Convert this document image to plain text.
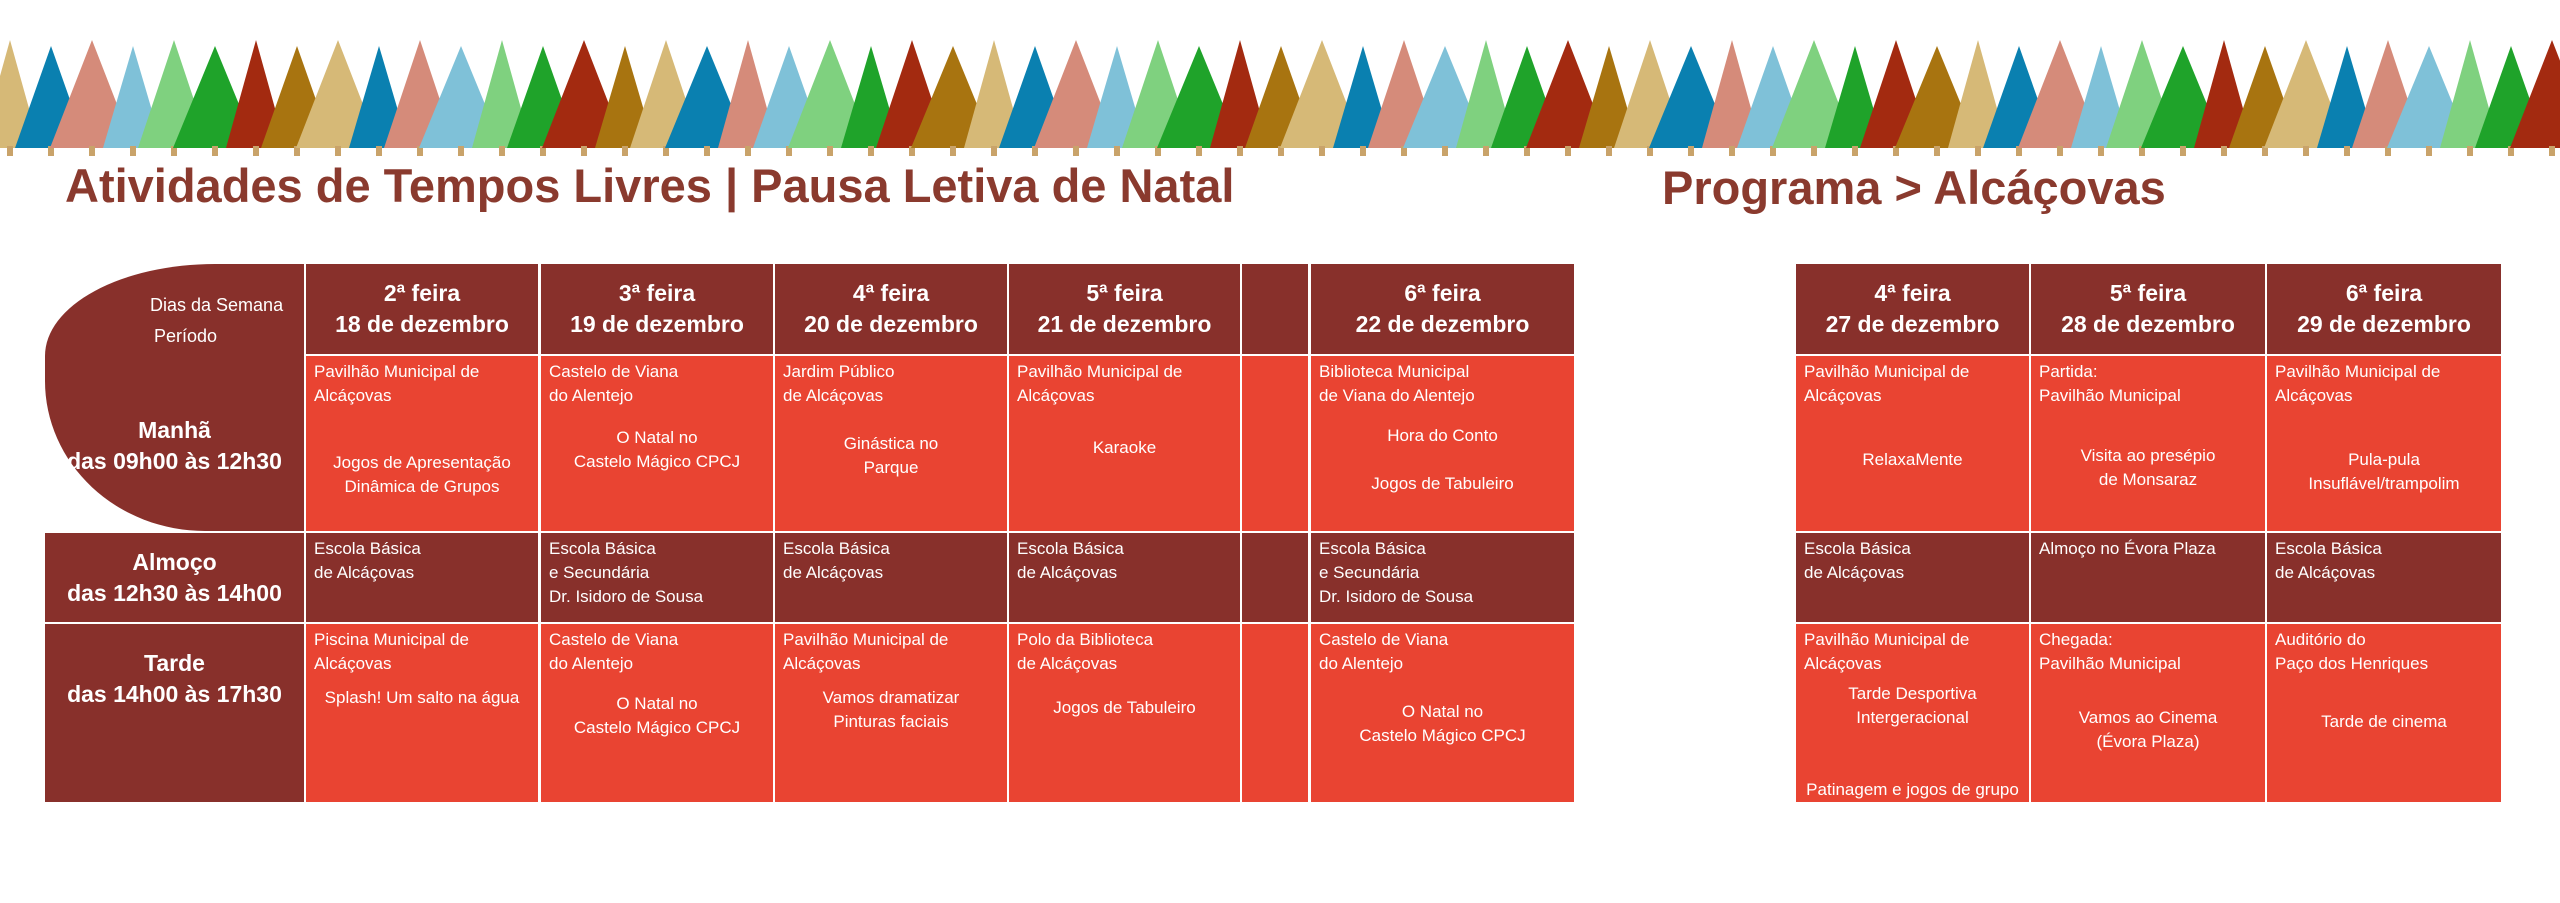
Atividades de Tempos Livres | Pausa Letiva de Natal	Programa > Alcáçovas
Dias da Semana
Período
Manhã
das 09h00 às 12h30
Almoço
das 12h30 às 14h00
Tarde
das 14h00 às 17h30
2ª feira
18 de dezembro
Pavilhão Municipal de
Alcáçovas
Jogos de Apresentação
Dinâmica de Grupos
Escola Básica
de Alcáçovas
Piscina Municipal de
Alcáçovas
Splash! Um salto na água
3ª feira
19 de dezembro
Castelo de Viana
do Alentejo
O Natal no
Castelo Mágico CPCJ
Escola Básica
e Secundária
Dr. Isidoro de Sousa
Castelo de Viana
do Alentejo
O Natal no
Castelo Mágico CPCJ
4ª feira
20 de dezembro
Jardim Público
de Alcáçovas
Ginástica no
Parque
Escola Básica
de Alcáçovas
Pavilhão Municipal de
Alcáçovas
Vamos dramatizar
Pinturas faciais
5ª feira
21 de dezembro
Pavilhão Municipal de
Alcáçovas
Karaoke
Escola Básica
de Alcáçovas
Polo da Biblioteca
de Alcáçovas
Jogos de Tabuleiro
6ª feira
22 de dezembro
Biblioteca Municipal
de Viana do Alentejo
Hora do Conto

Jogos de Tabuleiro
Escola Básica
e Secundária
Dr. Isidoro de Sousa
Castelo de Viana
do Alentejo
O Natal no
Castelo Mágico CPCJ
4ª feira
27 de dezembro
Pavilhão Municipal de
Alcáçovas
RelaxaMente
Escola Básica
de Alcáçovas
Pavilhão Municipal de
Alcáçovas
Tarde Desportiva
Intergeracional

Patinagem e jogos de grupo
5ª feira
28 de dezembro
Partida:
Pavilhão Municipal
Visita ao presépio
de Monsaraz
Almoço no Évora Plaza
Chegada:
Pavilhão Municipal
Vamos ao Cinema
(Évora Plaza)
6ª feira
29 de dezembro
Pavilhão Municipal de
Alcáçovas
Pula-pula
Insuflável/trampolim
Escola Básica
de Alcáçovas
Auditório do
Paço dos Henriques
Tarde de cinema
